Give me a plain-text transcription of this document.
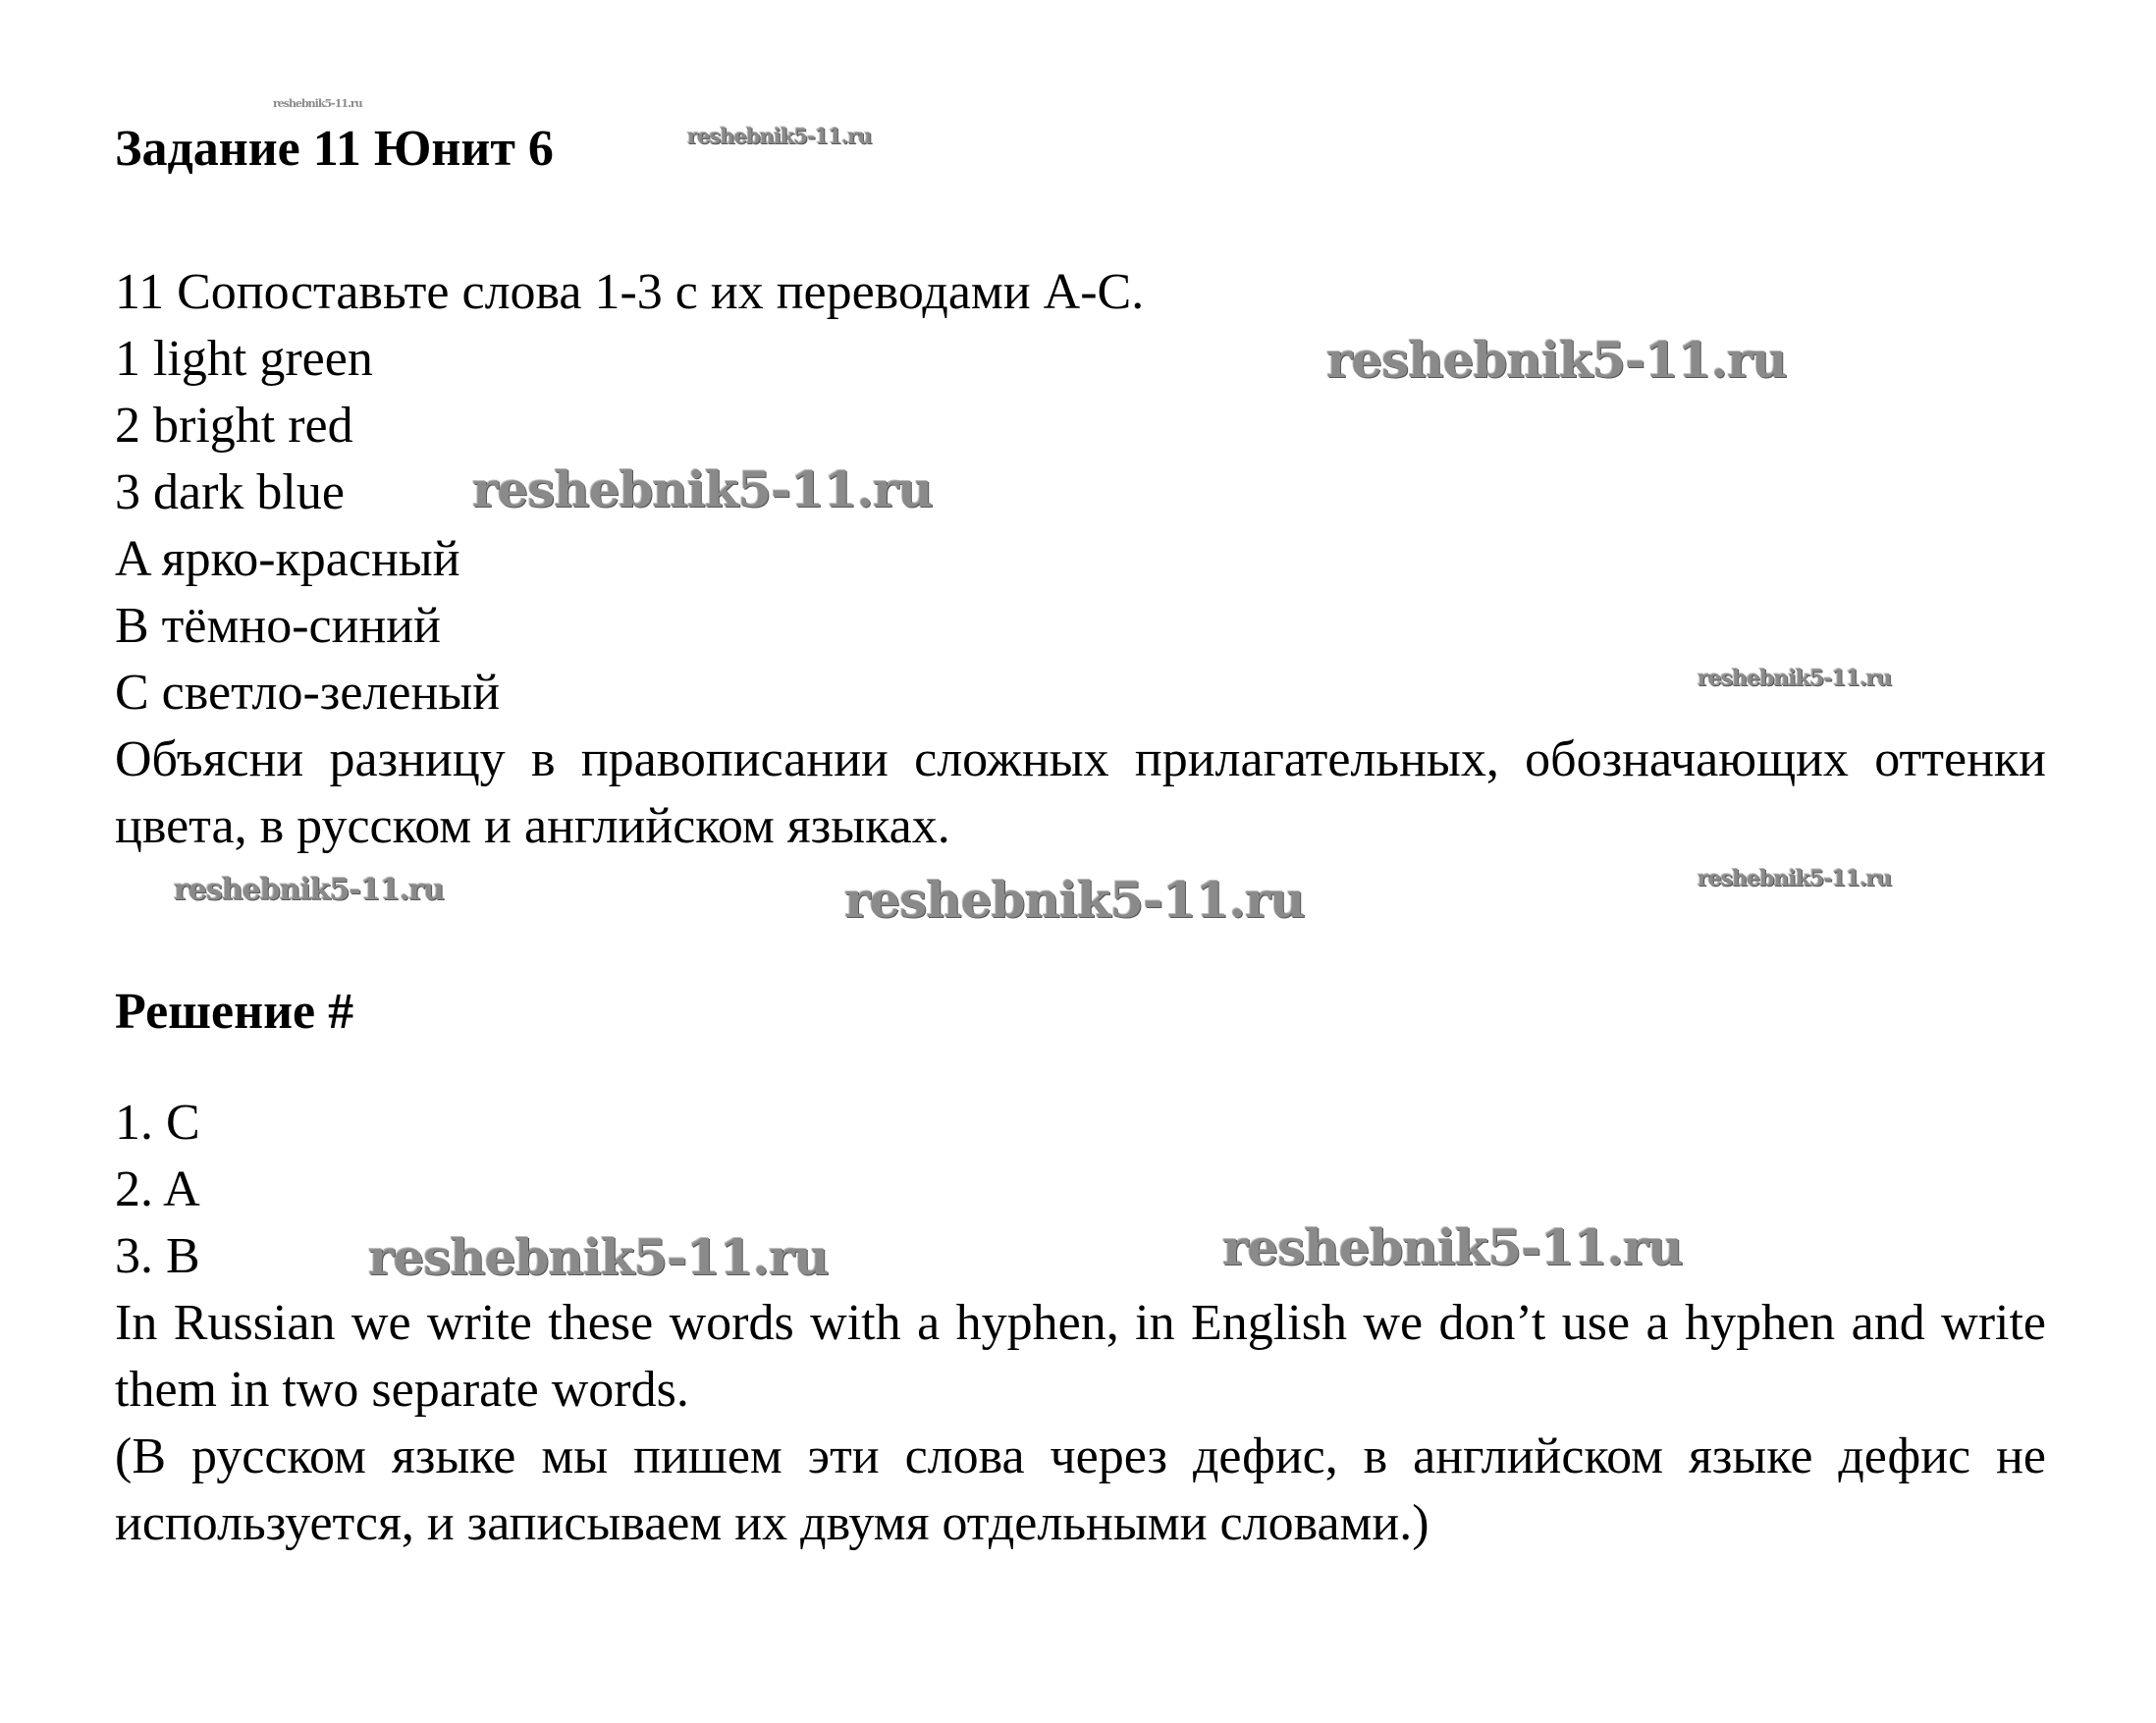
Задание 11 Юнит 6
11 Сопоставьте слова 1-3 с их переводами A-C.
1 light green
2 bright red
3 dark blue
A ярко-красный
B тёмно-синий
C светло-зеленый
Объясни разницу в правописании сложных прилагательных, обозначающих оттенки цвета, в русском и английском языках.
Решение #
1. C
2. A
3. B
In Russian we write these words with a hyphen, in English we don’t use a hyphen and write them in two separate words.
(В русском языке мы пишем эти слова через дефис, в английском языке дефис не используется, и записываем их двумя отдельными словами.)
reshebnik5-11.ru
reshebnik5-11.ru
reshebnik5-11.ru
reshebnik5-11.ru
reshebnik5-11.ru
reshebnik5-11.ru	reshebnik5-11.ru	reshebnik5-11.ru
reshebnik5-11.ru	reshebnik5-11.ru
